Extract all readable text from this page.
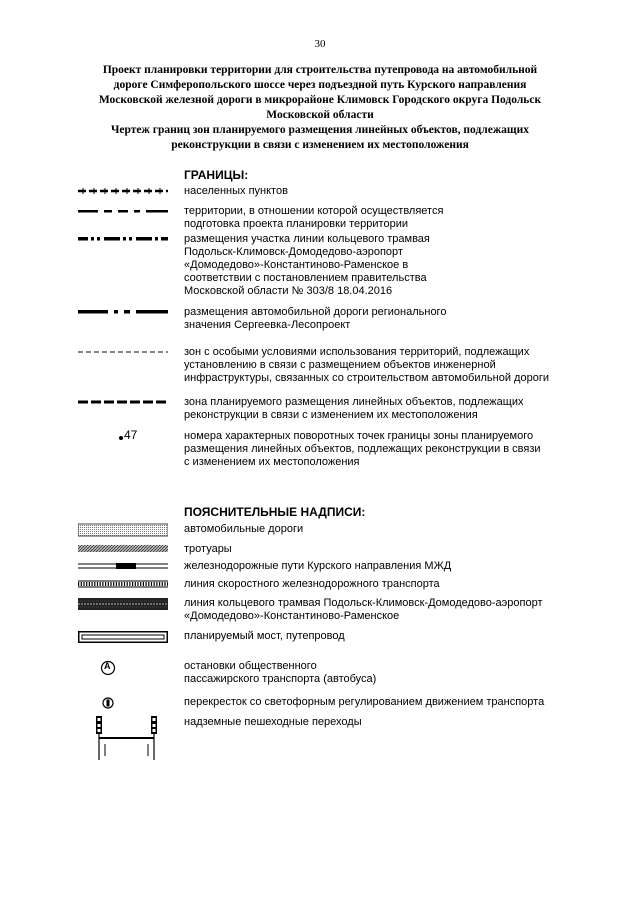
30
Проект планировки территории для строительства путепровода на автомобильной
дороге Симферопольского шоссе через подъездной путь Курского направления
Московской железной дороги в микрорайоне Климовск Городского округа Подольск
Московской области
Чертеж границ зон планируемого размещения линейных объектов, подлежащих
реконструкции в связи с изменением их местоположения
ГРАНИЦЫ:
населенных пунктов
территории, в отношении которой осуществляется
подготовка проекта планировки территории
размещения участка линии кольцевого трамвая
Подольск-Климовск-Домодедово-аэропорт
«Домодедово»-Константиново-Раменское в
соответствии с постановлением правительства
Московской области № 303/8 18.04.2016
размещения автомобильной дороги регионального
значения Сергеевка-Лесопроект
зон с особыми условиями использования территорий, подлежащих
установлению в связи с размещением объектов инженерной
инфраструктуры, связанных со строительством автомобильной дороги
зона планируемого размещения линейных объектов, подлежащих
реконструкции в связи с изменением их местоположения
47	номера характерных поворотных точек границы зоны планируемого
размещения линейных объектов, подлежащих реконструкции в связи
с изменением их местоположения
ПОЯСНИТЕЛЬНЫЕ НАДПИСИ:
автомобильные дороги
тротуары
железнодорожные пути Курского направления МЖД
линия скоростного железнодорожного транспорта
линия кольцевого трамвая Подольск-Климовск-Домодедово-аэропорт
«Домодедово»-Константиново-Раменское
планируемый мост, путепровод
А	остановки общественного
пассажирского транспорта (автобуса)
перекресток со светофорным регулированием движением транспорта
надземные пешеходные переходы
